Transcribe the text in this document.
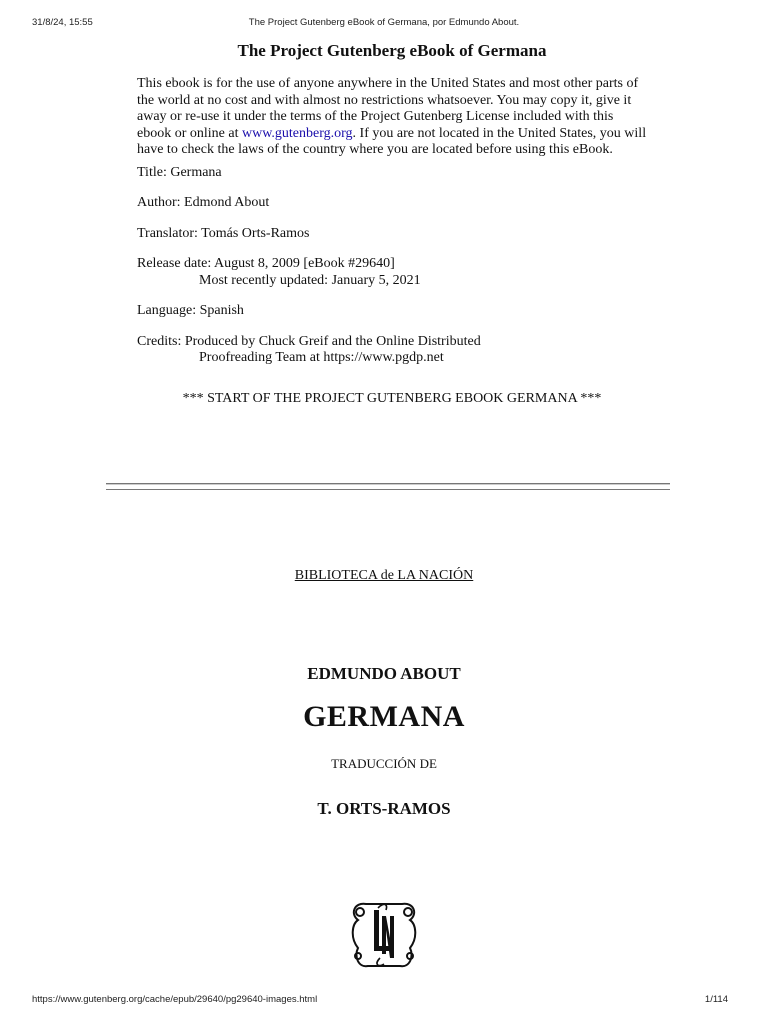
31/8/24, 15:55	The Project Gutenberg eBook of Germana, por Edmundo About.
The Project Gutenberg eBook of Germana

This ebook is for the use of anyone anywhere in the United States and most other parts of the world at no cost and with almost no restrictions whatsoever. You may copy it, give it away or re-use it under the terms of the Project Gutenberg License included with this ebook or online at www.gutenberg.org. If you are not located in the United States, you will have to check the laws of the country where you are located before using this eBook.

Title: Germana

Author: Edmond About

Translator: Tomás Orts-Ramos

Release date: August 8, 2009 [eBook #29640]
Most recently updated: January 5, 2021

Language: Spanish

Credits: Produced by Chuck Greif and the Online Distributed
Proofreading Team at https://www.pgdp.net

*** START OF THE PROJECT GUTENBERG EBOOK GERMANA ***
BIBLIOTECA de LA NACIÓN
EDMUNDO ABOUT
GERMANA
TRADUCCIÓN DE
T. ORTS-RAMOS
https://www.gutenberg.org/cache/epub/29640/pg29640-images.html	1/114
